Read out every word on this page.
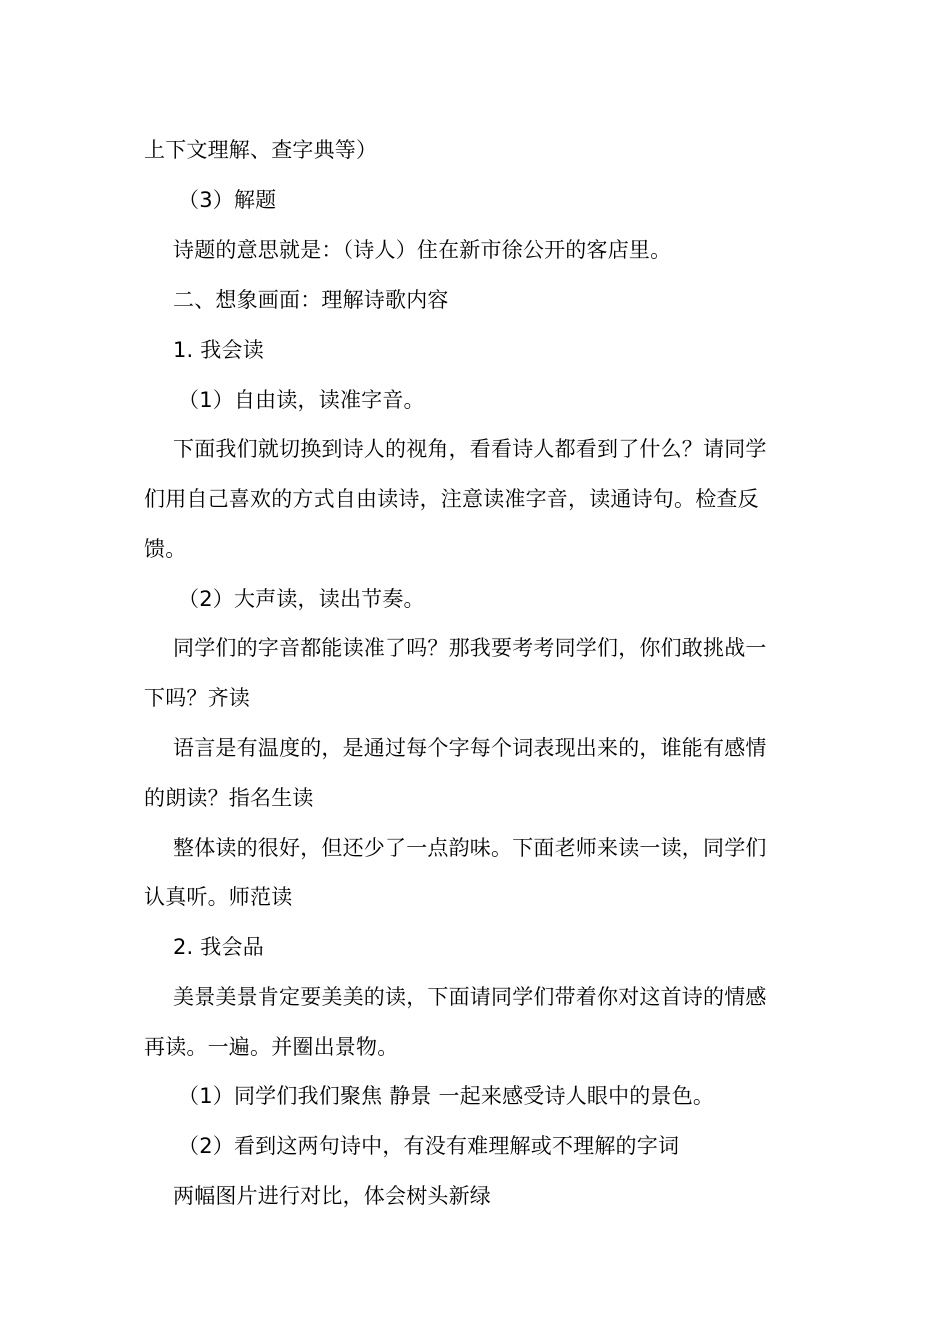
上下文理解、查字典等）
（3）解题
诗题的意思就是：（诗人）住在新市徐公开的客店里。
二、想象画面：理解诗歌内容
1. 我会读
（1）自由读，读准字音。
下面我们就切换到诗人的视角，看看诗人都看到了什么？请同学
们用自己喜欢的方式自由读诗，注意读准字音，读通诗句。检查反
馈。
（2）大声读，读出节奏。
同学们的字音都能读准了吗？那我要考考同学们，你们敢挑战一
下吗？齐读
语言是有温度的，是通过每个字每个词表现出来的，谁能有感情
的朗读？指名生读
整体读的很好，但还少了一点韵味。下面老师来读一读，同学们
认真听。师范读
2. 我会品
美景美景肯定要美美的读，下面请同学们带着你对这首诗的情感
再读。一遍。并圈出景物。
（1）同学们我们聚焦 静景 一起来感受诗人眼中的景色。
（2）看到这两句诗中，有没有难理解或不理解的字词
两幅图片进行对比，体会树头新绿
